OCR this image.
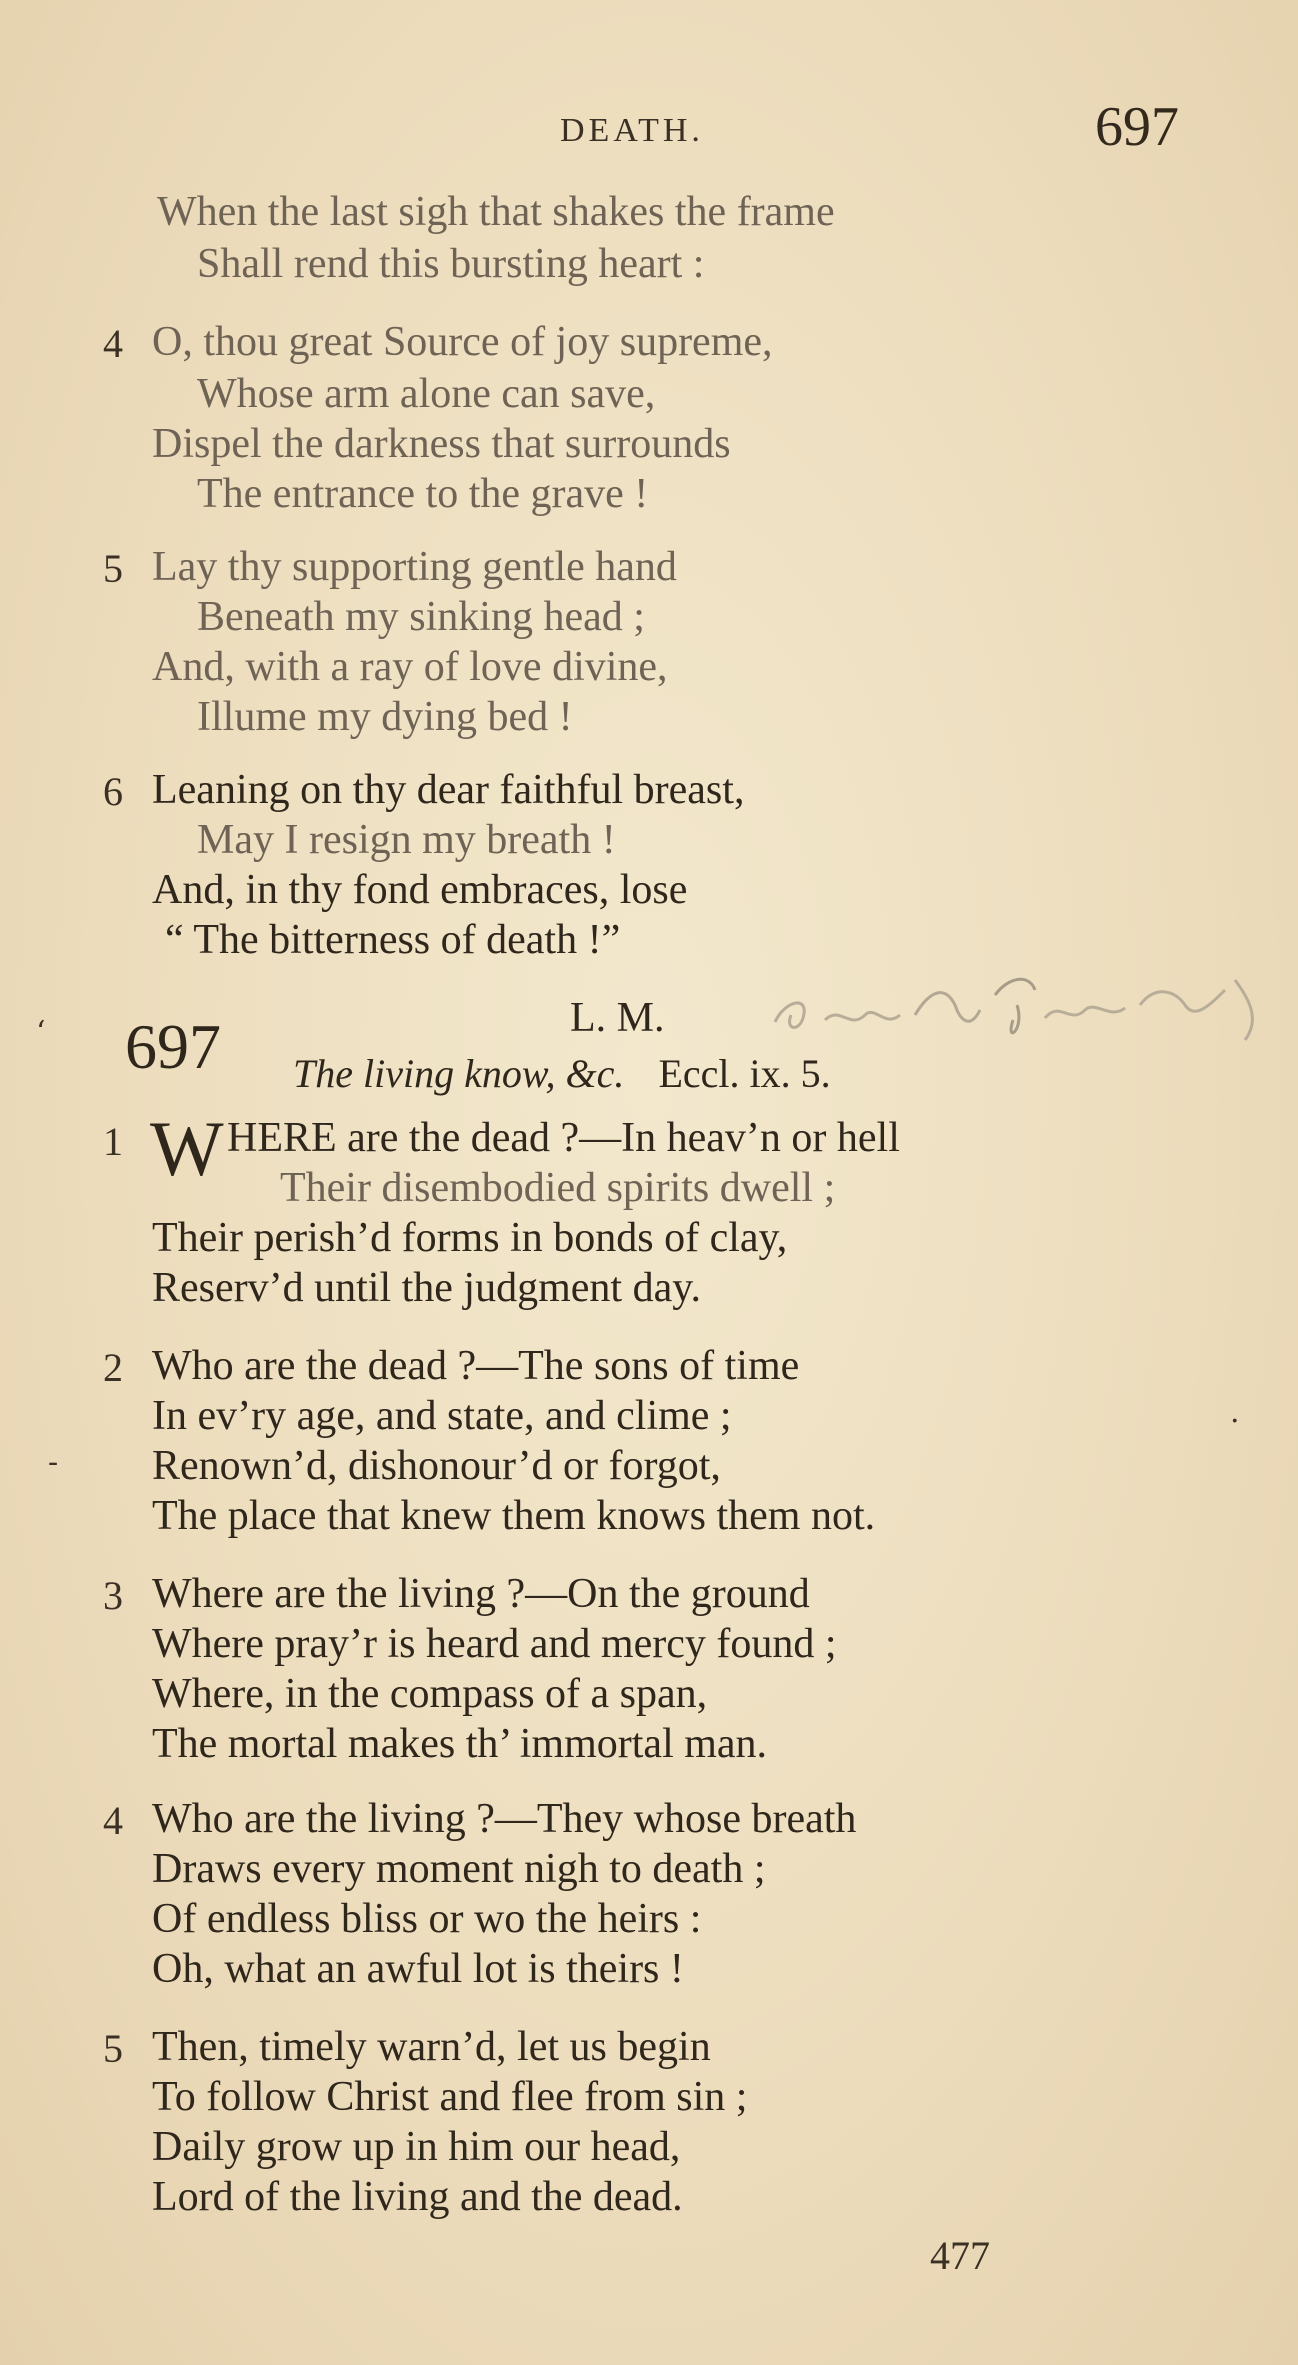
DEATH.	697
When the last sigh that shakes the frame
Shall rend this bursting heart :
4 O, thou great Source of joy supreme,
Whose arm alone can save,
Dispel the darkness that surrounds
The entrance to the grave !
5 Lay thy supporting gentle hand
Beneath my sinking head ;
And, with a ray of love divine,
Illume my dying bed !
6 Leaning on thy dear faithful breast,
May I resign my breath !
And, in thy fond embraces, lose
“ The bitterness of death !”
‘ 697	L. M.
The living know, &c. Eccl. ix. 5.
1 W HERE are the dead ?—In heav’n or hell
Their disembodied spirits dwell ;
Their perish’d forms in bonds of clay,
Reserv’d until the judgment day.
2 Who are the dead ?—The sons of time
In ev’ry age, and state, and clime ;
Renown’d, dishonour’d or forgot,
The place that knew them knows them not.
-
.
3 Where are the living ?—On the ground
Where pray’r is heard and mercy found ;
Where, in the compass of a span,
The mortal makes th’ immortal man.
4 Who are the living ?—They whose breath
Draws every moment nigh to death ;
Of endless bliss or wo the heirs :
Oh, what an awful lot is theirs !
5 Then, timely warn’d, let us begin
To follow Christ and flee from sin ;
Daily grow up in him our head,
Lord of the living and the dead.
477
